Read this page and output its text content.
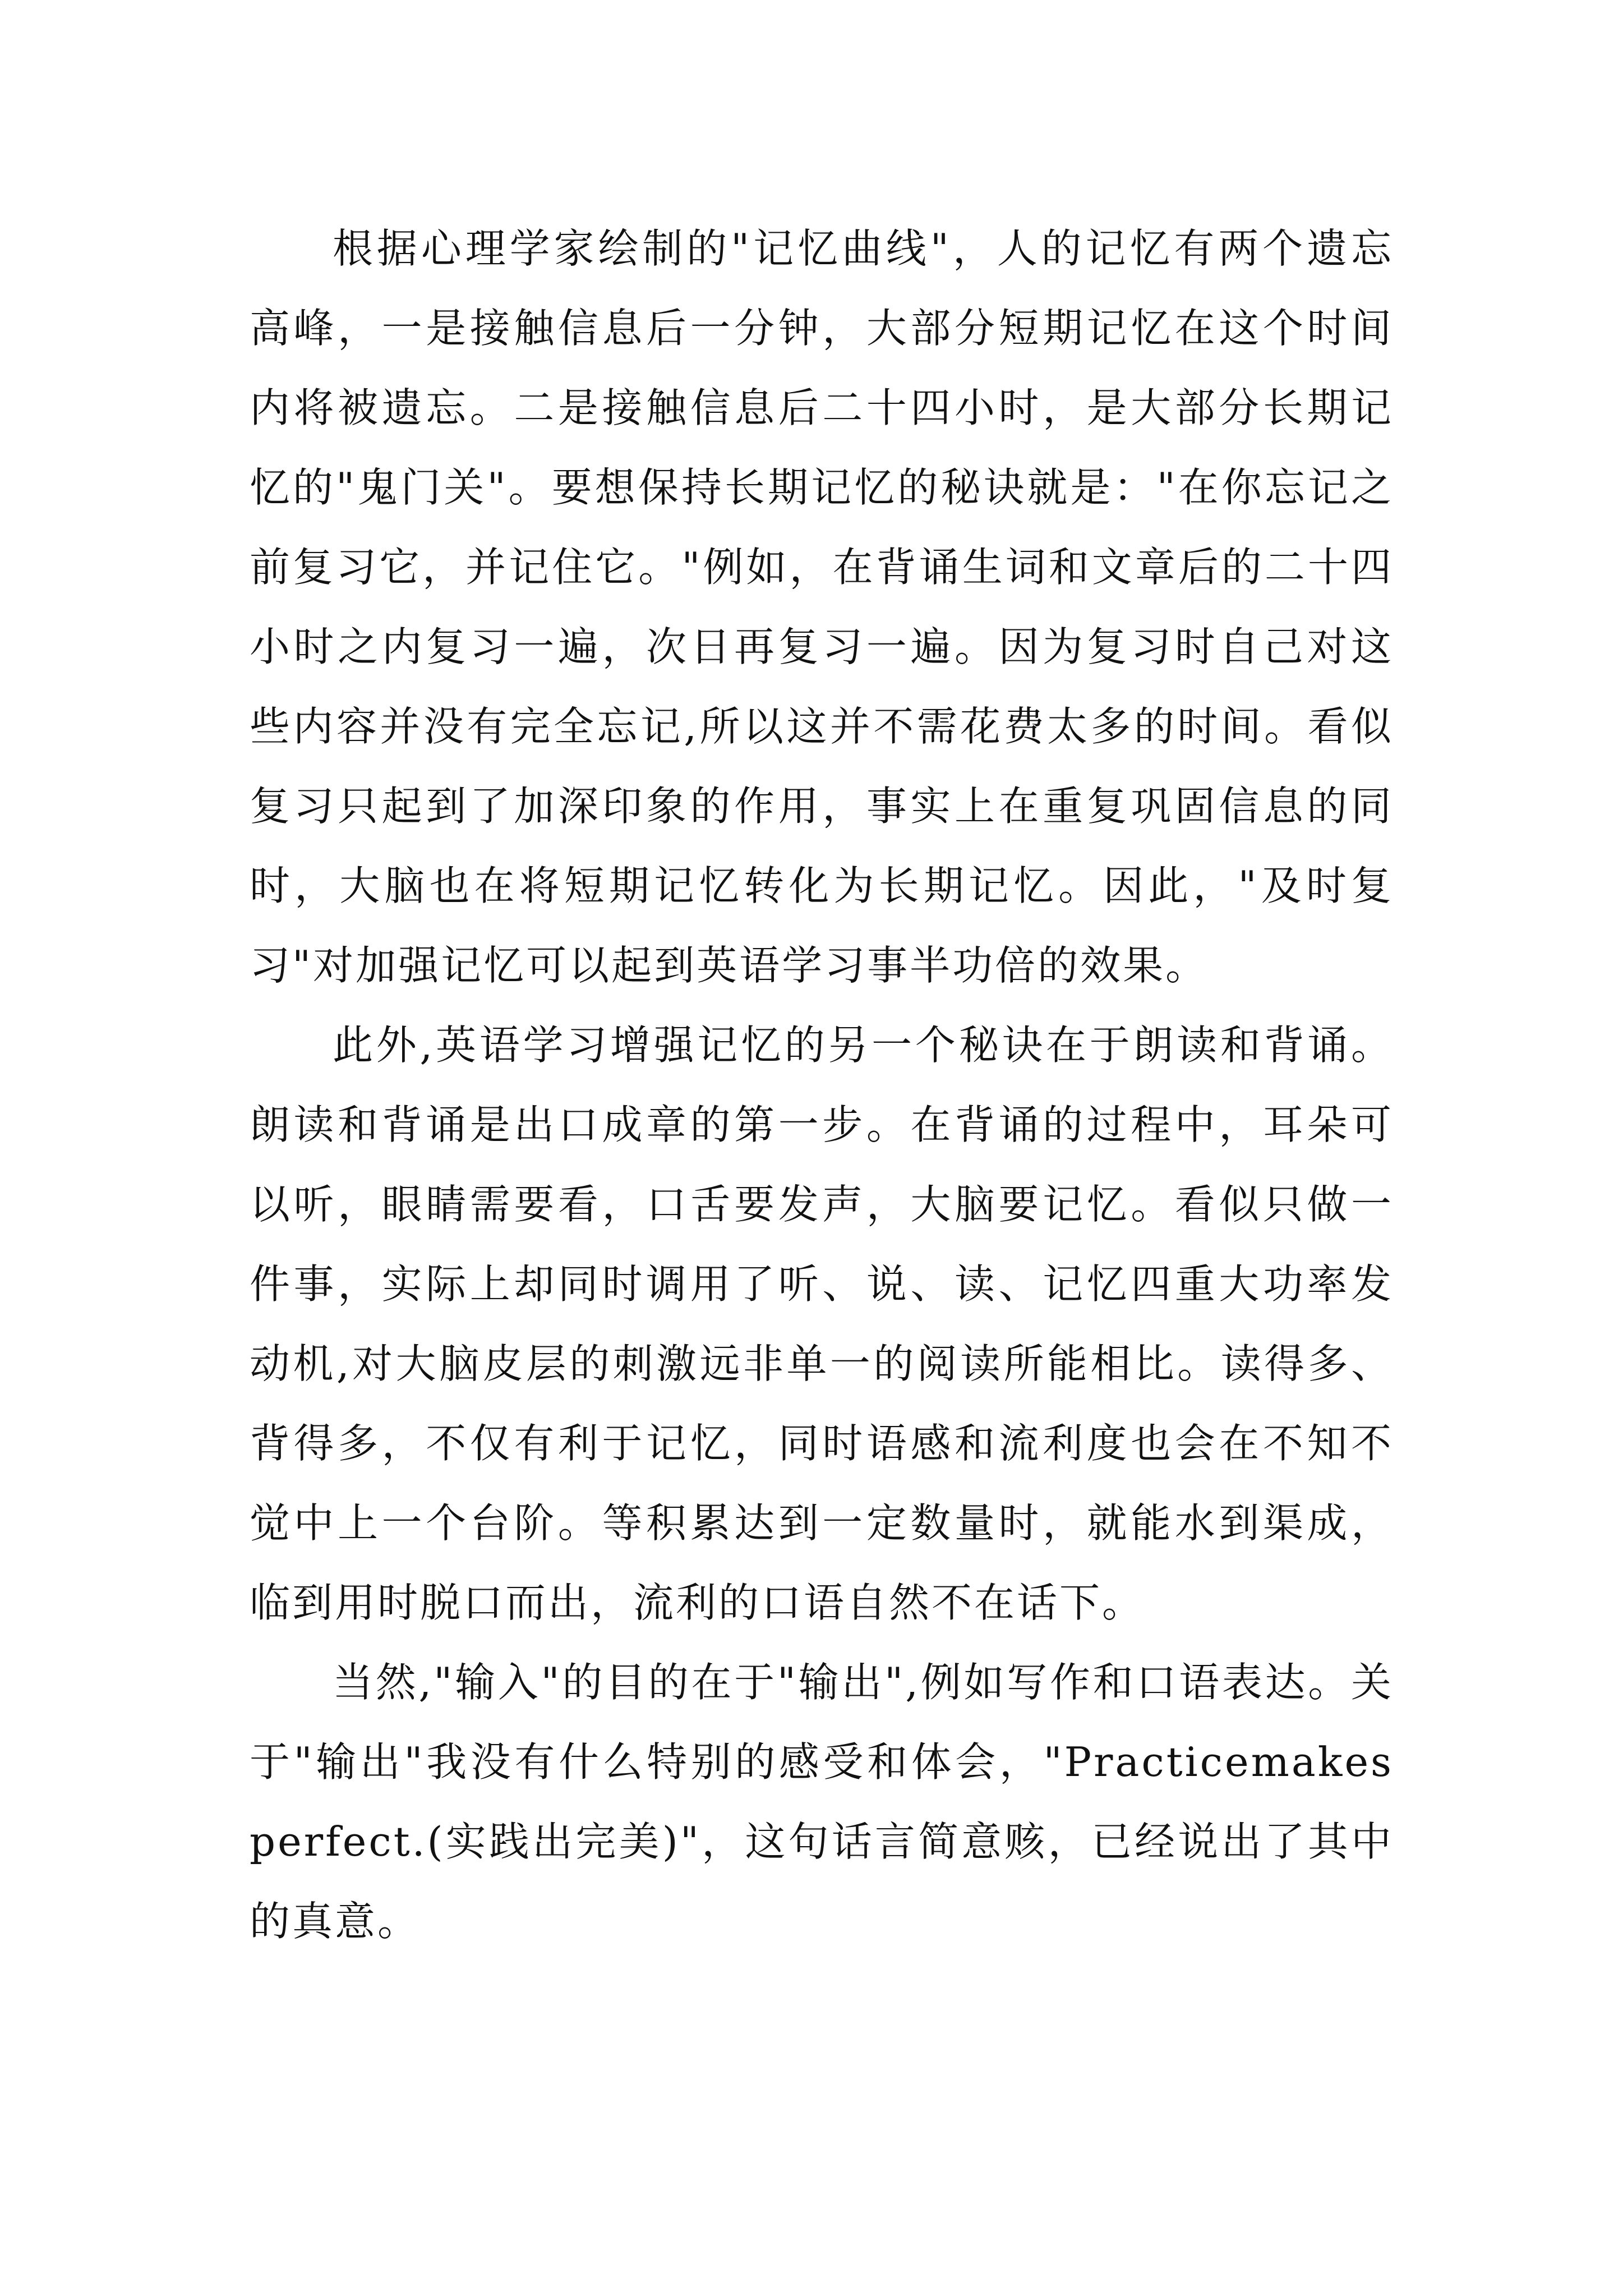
根据心理学家绘制的"记忆曲线"，人的记忆有两个遗忘高峰，一是接触信息后一分钟，大部分短期记忆在这个时间内将被遗忘。二是接触信息后二十四小时，是大部分长期记忆的"鬼门关"。要想保持长期记忆的秘诀就是："在你忘记之前复习它，并记住它。"例如，在背诵生词和文章后的二十四小时之内复习一遍，次日再复习一遍。因为复习时自己对这些内容并没有完全忘记,所以这并不需花费太多的时间。看似复习只起到了加深印象的作用，事实上在重复巩固信息的同时，大脑也在将短期记忆转化为长期记忆。因此，"及时复习"对加强记忆可以起到英语学习事半功倍的效果。

此外,英语学习增强记忆的另一个秘诀在于朗读和背诵。朗读和背诵是出口成章的第一步。在背诵的过程中，耳朵可以听，眼睛需要看，口舌要发声，大脑要记忆。看似只做一件事，实际上却同时调用了听、说、读、记忆四重大功率发动机,对大脑皮层的刺激远非单一的阅读所能相比。读得多、背得多，不仅有利于记忆，同时语感和流利度也会在不知不觉中上一个台阶。等积累达到一定数量时，就能水到渠成，临到用时脱口而出，流利的口语自然不在话下。

当然,"输入"的目的在于"输出",例如写作和口语表达。关于"输出"我没有什么特别的感受和体会，"Practicemakesperfect.(实践出完美)"，这句话言简意赅，已经说出了其中的真意。
